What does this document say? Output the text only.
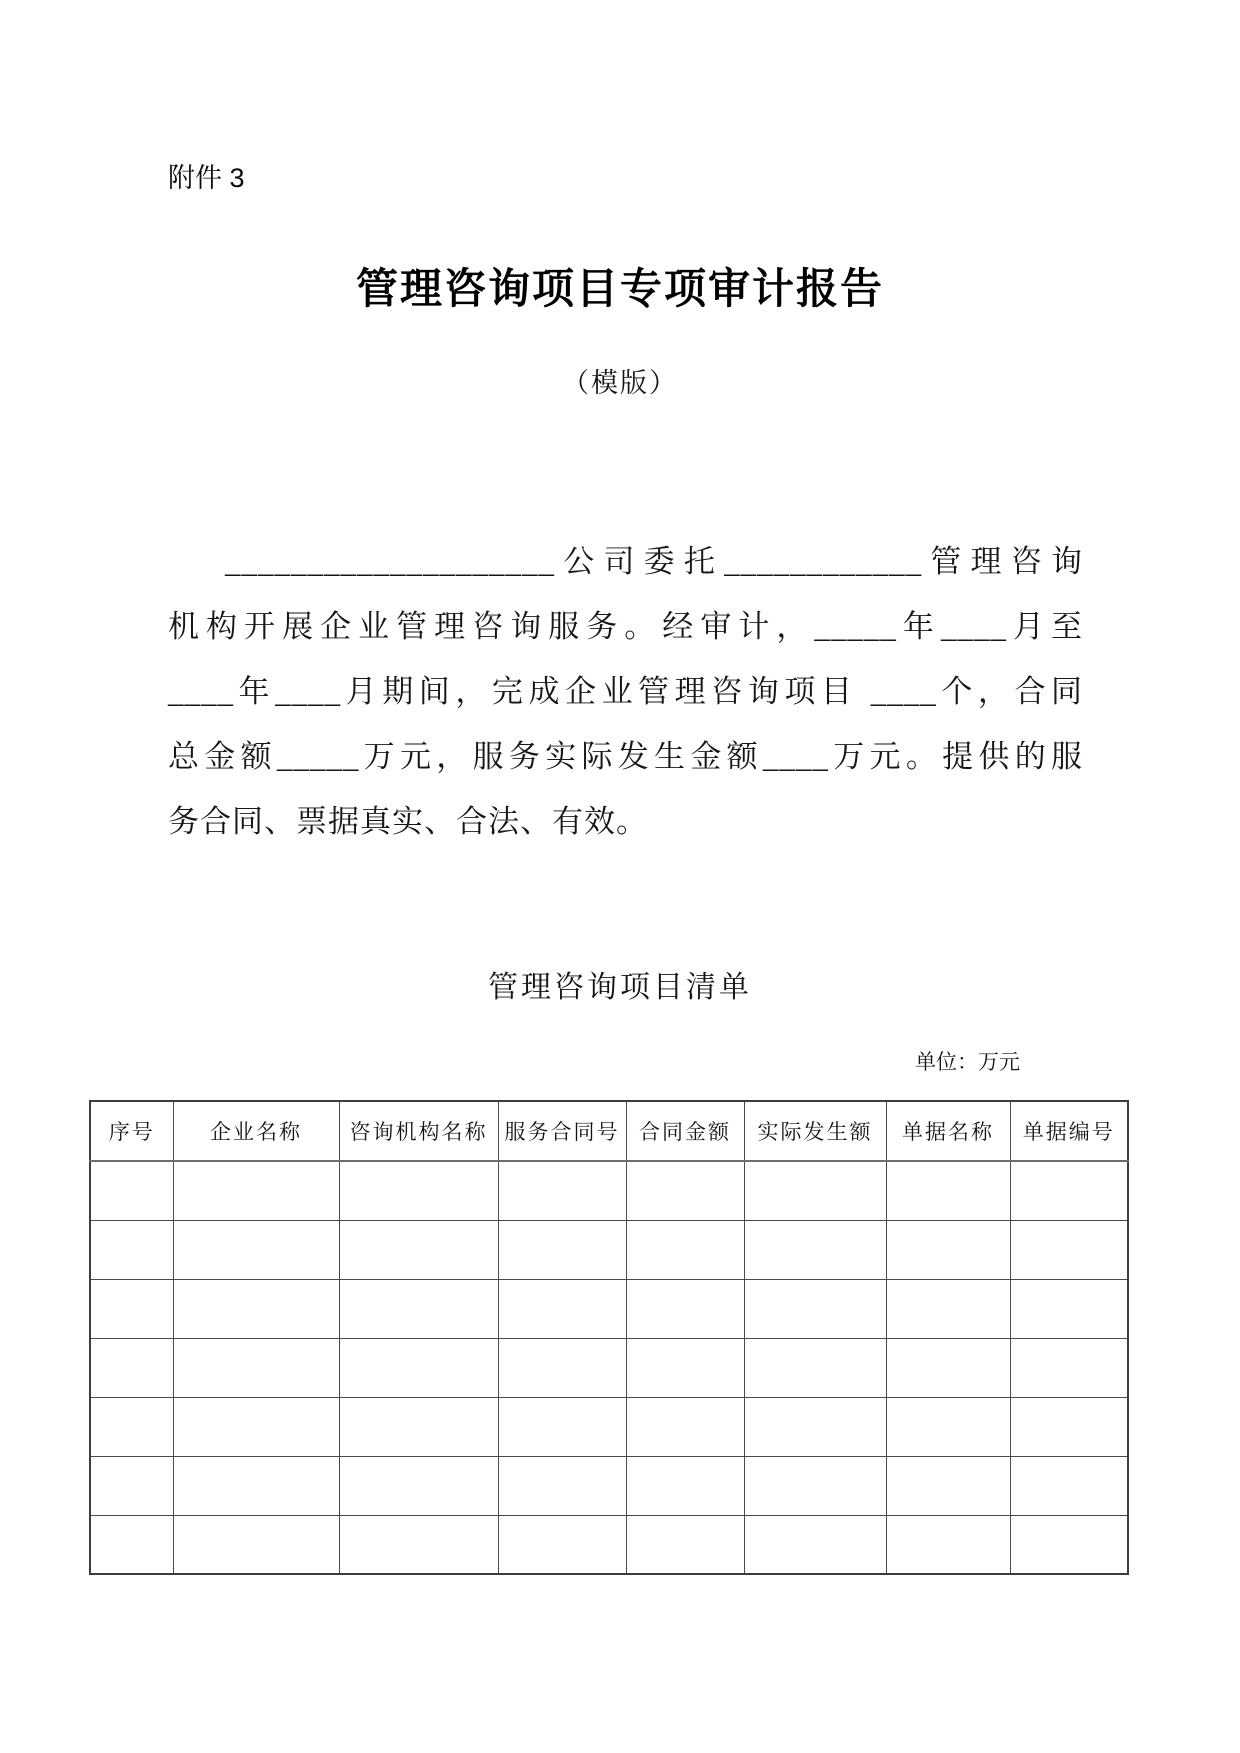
附件 3
管理咨询项目专项审计报告
（模版）
____________________公司委托____________管理咨询
机构开展企业管理咨询服务。经审计，_____年____月至
____年____月期间，完成企业管理咨询项目 ____个，合同
总金额_____万元，服务实际发生金额____万元。提供的服
务合同、票据真实、合法、有效。
管理咨询项目清单
单位：万元
序号	企业名称	咨询机构名称	服务合同号	合同金额	实际发生额	单据名称	单据编号
